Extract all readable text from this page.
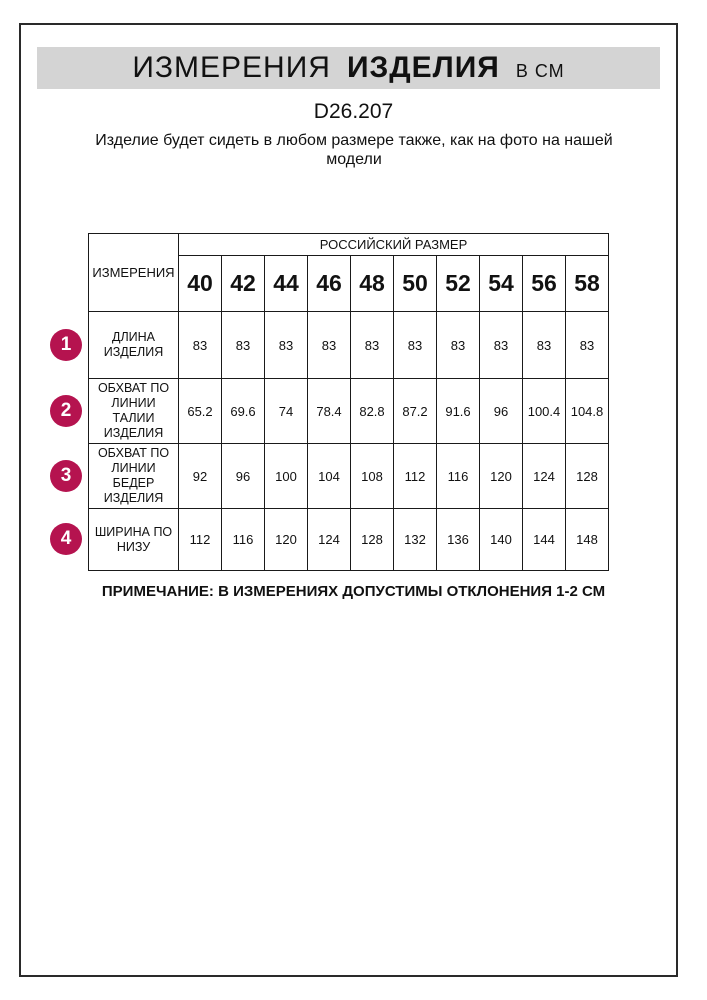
ИЗМЕРЕНИЯ ИЗДЕЛИЯ В СМ
D26.207
Изделие будет сидеть в любом размере также, как на фото на нашей модели
ИЗМЕРЕНИЯ	РОССИЙСКИЙ РАЗМЕР									
	40	42	44	46	48	50	52	54	56	58
ДЛИНА ИЗДЕЛИЯ	83	83	83	83	83	83	83	83	83	83
ОБХВАТ ПО ЛИНИИ ТАЛИИ ИЗДЕЛИЯ	65.2	69.6	74	78.4	82.8	87.2	91.6	96	100.4	104.8
ОБХВАТ ПО ЛИНИИ БЕДЕР ИЗДЕЛИЯ	92	96	100	104	108	112	116	120	124	128
ШИРИНА ПО НИЗУ	112	116	120	124	128	132	136	140	144	148
1
2
3
4
ПРИМЕЧАНИЕ: В ИЗМЕРЕНИЯХ ДОПУСТИМЫ ОТКЛОНЕНИЯ 1-2 СМ
